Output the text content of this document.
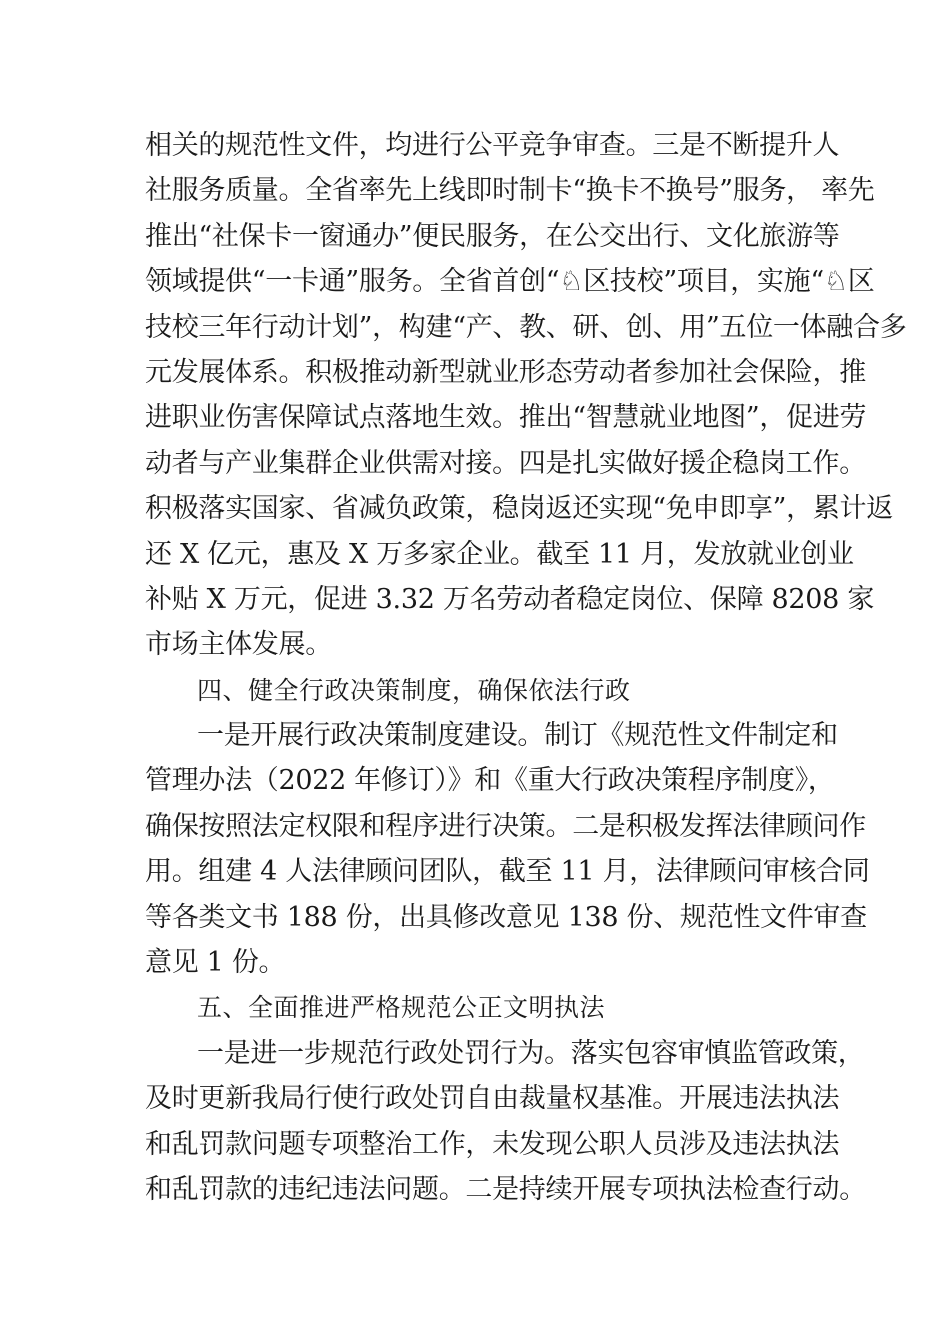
相关的规范性文件，均进行公平竞争审查。三是不断提升人
社服务质量。全省率先上线即时制卡“换卡不换号”服务， 率先
推出“社保卡一窗通办”便民服务，在公交出行、文化旅游等
领域提供“一卡通”服务。全省首创“♘区技校”项目，实施“♘区
技校三年行动计划”，构建“产、教、研、创、用”五位一体融合多
元发展体系。积极推动新型就业形态劳动者参加社会保险，推
进职业伤害保障试点落地生效。推出“智慧就业地图”，促进劳
动者与产业集群企业供需对接。四是扎实做好援企稳岗工作。
积极落实国家、省减负政策，稳岗返还实现“免申即享”，累计返
还 X 亿元，惠及 X 万多家企业。截至 11 月，发放就业创业
补贴 X 万元，促进 3.32 万名劳动者稳定岗位、保障 8208 家
市场主体发展。
四、健全行政决策制度，确保依法行政
一是开展行政决策制度建设。制订《规范性文件制定和
管理办法（2022 年修订）》和《重大行政决策程序制度》，
确保按照法定权限和程序进行决策。二是积极发挥法律顾问作
用。组建 4 人法律顾问团队，截至 11 月，法律顾问审核合同
等各类文书 188 份，出具修改意见 138 份、规范性文件审查
意见 1 份。
五、全面推进严格规范公正文明执法
一是进一步规范行政处罚行为。落实包容审慎监管政策，
及时更新我局行使行政处罚自由裁量权基准。开展违法执法
和乱罚款问题专项整治工作，未发现公职人员涉及违法执法
和乱罚款的违纪违法问题。二是持续开展专项执法检查行动。
